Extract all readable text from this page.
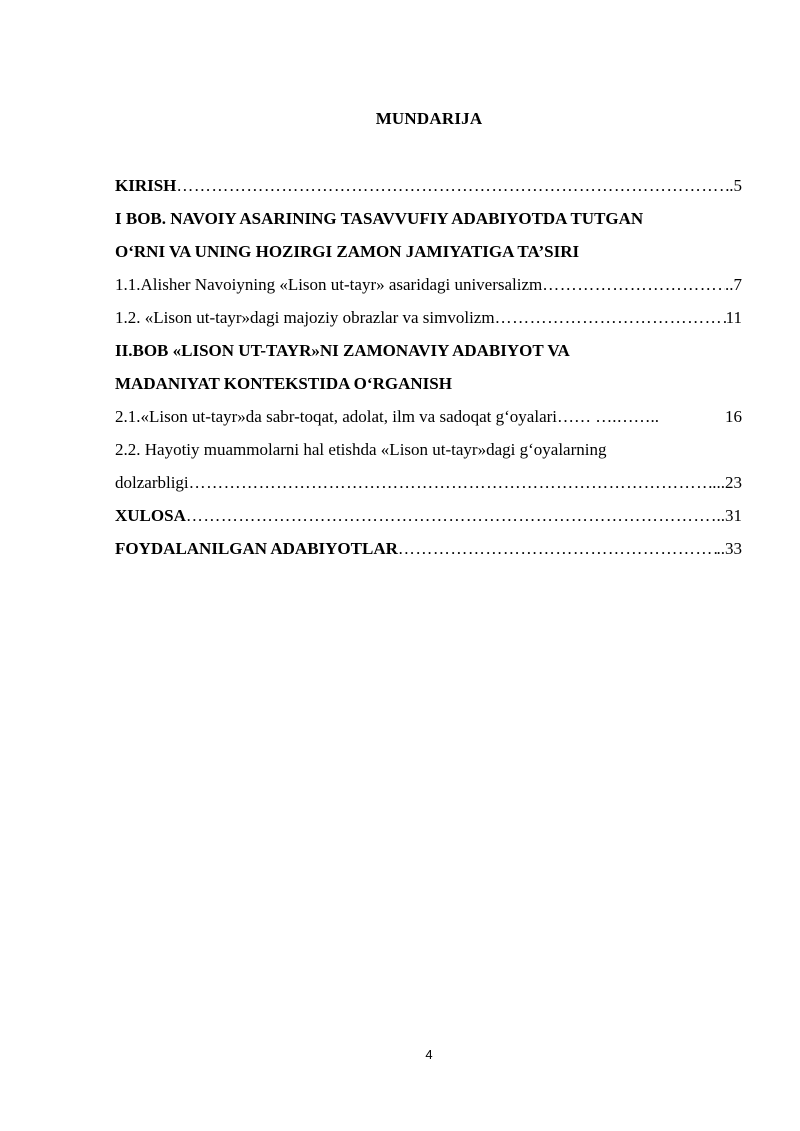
MUNDARIJA
KIRISH ……………………………………………………………………………………………………………………………………………………………………………………	.5
I BOB. NAVOIY ASARINING TASAVVUFIY ADABIYOTDA TUTGAN
O‘RNI VA UNING HOZIRGI ZAMON JAMIYATIGA TA’SIRI
1.1.Alisher Navoiyning «Lison ut-tayr» asaridagi universalizm ……………………………………………………………………………………………………………………………………………………………………………………	..7
1.2. «Lison ut-tayr»dagi majoziy obrazlar va simvolizm ……………………………………………………………………………………………………………………………………………………………………………………	11
II.BOB «LISON UT-TAYR»NI ZAMONAVIY ADABIYOT VA
MADANIYAT KONTEKSTIDA O‘RGANISH
2.1.«Lison ut-tayr»da sabr-toqat, adolat, ilm va sadoqat g‘oyalari…… ….……..	16
2.2. Hayotiy muammolarni hal etishda «Lison ut-tayr»dagi g‘oyalarning
dolzarbligi ……………………………………………………………………………………………………………………………………………………………………………………	...23
XULOSA ……………………………………………………………………………………………………………………………………………………………………………………	..31
FOYDALANILGAN ADABIYOTLAR ……………………………………………………………………………………………………………………………………………………………………………………	..33
4
